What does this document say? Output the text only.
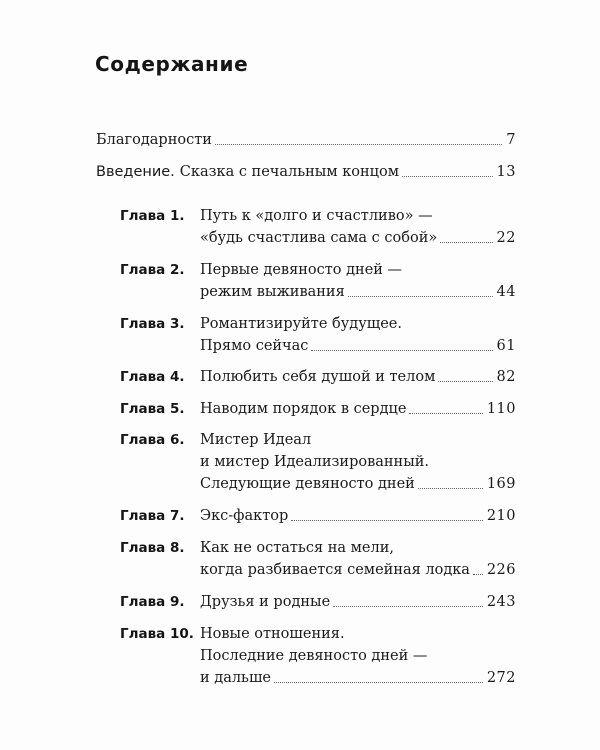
Содержание
Благодарности	7
Введение. Сказка с печальным концом	13
Глава 1.	Путь к «долго и счастливо» —
«будь счастлива сама с собой»	22
Глава 2.	Первые девяносто дней —
режим выживания	44
Глава 3.	Романтизируйте будущее.
Прямо сейчас	61
Глава 4.	Полюбить себя душой и телом	82
Глава 5.	Наводим порядок в сердце	110
Глава 6.	Мистер Идеал
и мистер Идеализированный.
Следующие девяносто дней	169
Глава 7.	Экс-фактор	210
Глава 8.	Как не остаться на мели,
когда разбивается семейная лодка 226
Глава 9.	Друзья и родные	243
Глава 10. Новые отношения.
Последние девяносто дней —
и дальше	272
